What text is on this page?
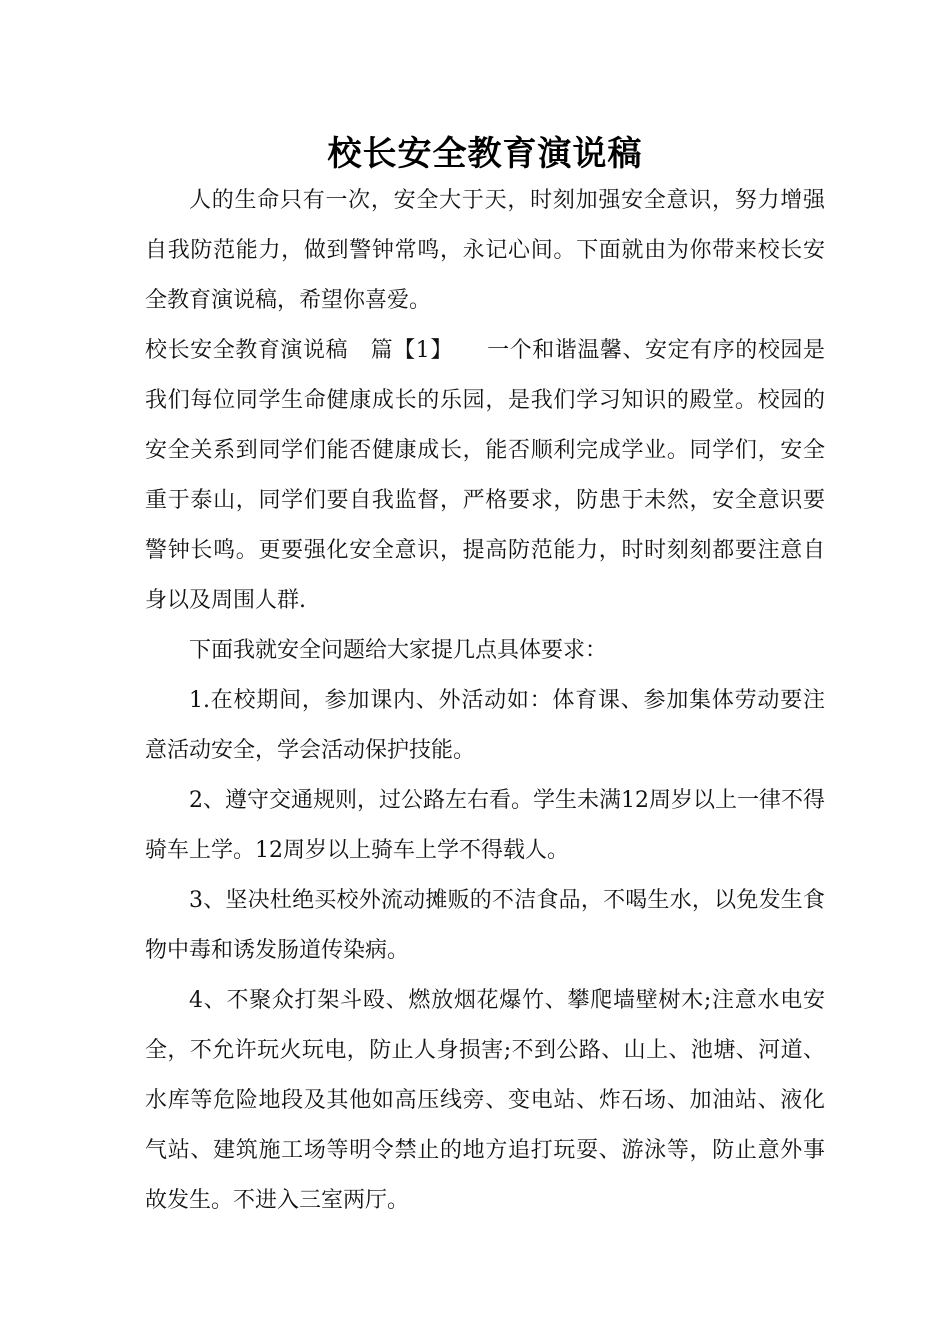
校长安全教育演说稿

人的生命只有一次，安全大于天，时刻加强安全意识，努力增强自我防范能力，做到警钟常鸣，永记心间。下面就由为你带来校长安全教育演说稿，希望你喜爱。

校长安全教育演说稿　篇【1】　　一个和谐温馨、安定有序的校园是我们每位同学生命健康成长的乐园，是我们学习知识的殿堂。校园的安全关系到同学们能否健康成长，能否顺利完成学业。同学们，安全重于泰山，同学们要自我监督，严格要求，防患于未然，安全意识要警钟长鸣。更要强化安全意识，提高防范能力，时时刻刻都要注意自身以及周围人群.

下面我就安全问题给大家提几点具体要求：

1.在校期间，参加课内、外活动如：体育课、参加集体劳动要注意活动安全，学会活动保护技能。

2、遵守交通规则，过公路左右看。学生未满12周岁以上一律不得骑车上学。12周岁以上骑车上学不得载人。

3、坚决杜绝买校外流动摊贩的不洁食品，不喝生水，以免发生食物中毒和诱发肠道传染病。

4、不聚众打架斗殴、燃放烟花爆竹、攀爬墙壁树木;注意水电安全，不允许玩火玩电，防止人身损害;不到公路、山上、池塘、河道、水库等危险地段及其他如高压线旁、变电站、炸石场、加油站、液化气站、建筑施工场等明令禁止的地方追打玩耍、游泳等，防止意外事故发生。不进入三室两厅。
